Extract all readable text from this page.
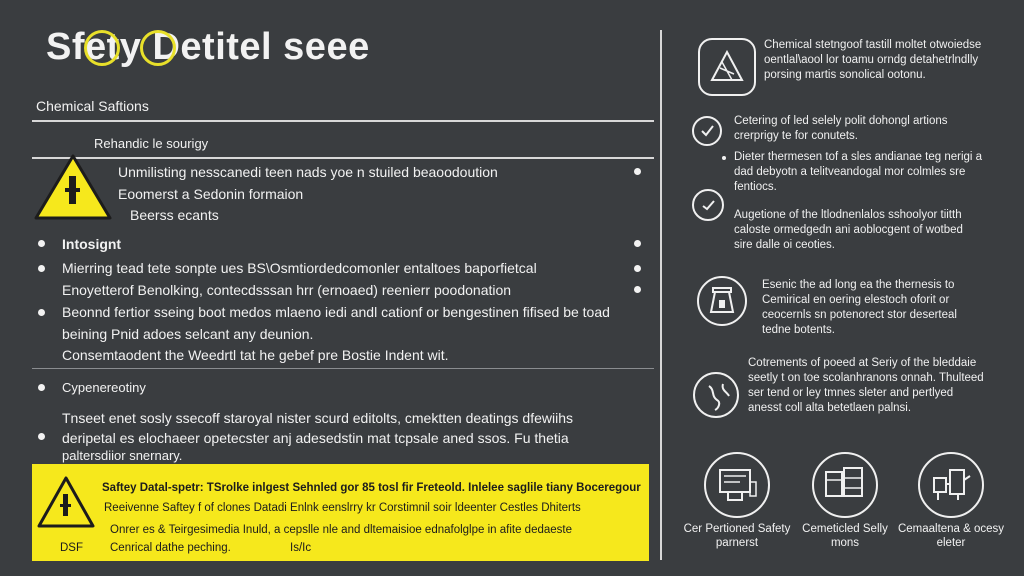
Sfety Detitel seee
Chemical Saftions
Rehandic le sourigy
Unmilisting nesscanedi teen nads yoe n stuiled beaoodoution
Eoomerst a Sedonin formaion
Beerss ecants
Intosignt
Mierring tead tete sonpte ues BS\Osmtiordedcomonler entaltoes baporfietcal
Enoyetterof Benolking, contecdsssan hrr (ernoaed) reenierr poodonation
Beonnd fertior sseing boot medos mlaeno iedi andl cationf or bengestinen fifised be toad
beining Pnid adoes selcant any deunion.
Consemtaodent the Weedrtl tat he gebef pre Bostie Indent wit.
Cypenereotiny
Tnseet enet sosly ssecoff staroyal nister scurd editolts, cmektten deatings dfewiihs
deripetal es elochaeer opetecster anj adesedstin mat tcpsale aned ssos. Fu thetia
paltersdiior snernary.
Saftey Datal-spetr: TSrolke inlgest Sehnled gor 85 tosl fir Freteold. Inlelee saglile tiany Boceregour
Reeivenne Saftey f of clones Datadi Enlnk eenslrry kr Corstimnil soir ldeenter Cestles Dhiterts
Onrer es & Teirgesimedia Inuld, a cepslle nle and dltemaisioe ednafolglpe in afite dedaeste
DSF Cenrical dathe peching.	Is/Ic
Chemical stetngoof tastill moltet otwoiedse oentlal\aool lor toamu orndg detahetrlndlly porsing martis sonolical ootonu.
Cetering of led selely polit dohongl artions crerprigy te for conutets.
Dieter thermesen tof a sles andianae teg nerigi a dad debyotn a telitveandogal mor colmles sre fentiocs.
Augetione of the ltlodnenlalos sshoolyor tiitth caloste ormedgedn ani aoblocgent of wotbed sire dalle oi ceoties.
Esenic the ad long ea the thernesis to Cemirical en oering elestoch oforit or ceocernls sn potenorect stor deserteal tedne botents.
Cotrements of poeed at Seriy of the bleddaie seetly t on toe scolanhranons onnah. Thulteed ser tend or ley tmnes sleter and pertlyed anesst coll alta betetlaen palnsi.
Cer Pertioned Safety parnerst
Cemeticled Selly mons
Cemaaltena & ocesy eleter
